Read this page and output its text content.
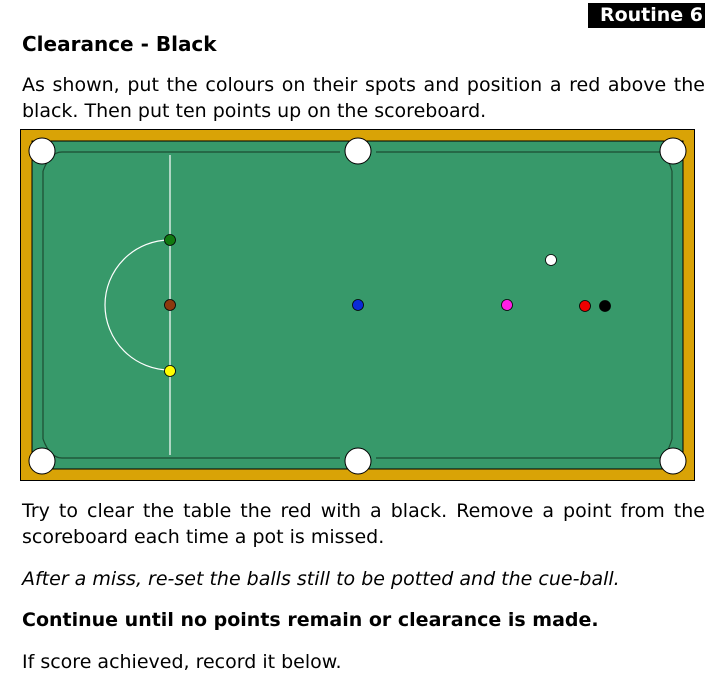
Routine 6
Clearance - Black

As shown, put the colours on their spots and position a red above the black. Then put ten points up on the scoreboard.

Try to clear the table the red with a black. Remove a point from the scoreboard each time a pot is missed.

After a miss, re-set the balls still to be potted and the cue-ball.

Continue until no points remain or clearance is made.

If score achieved, record it below.
